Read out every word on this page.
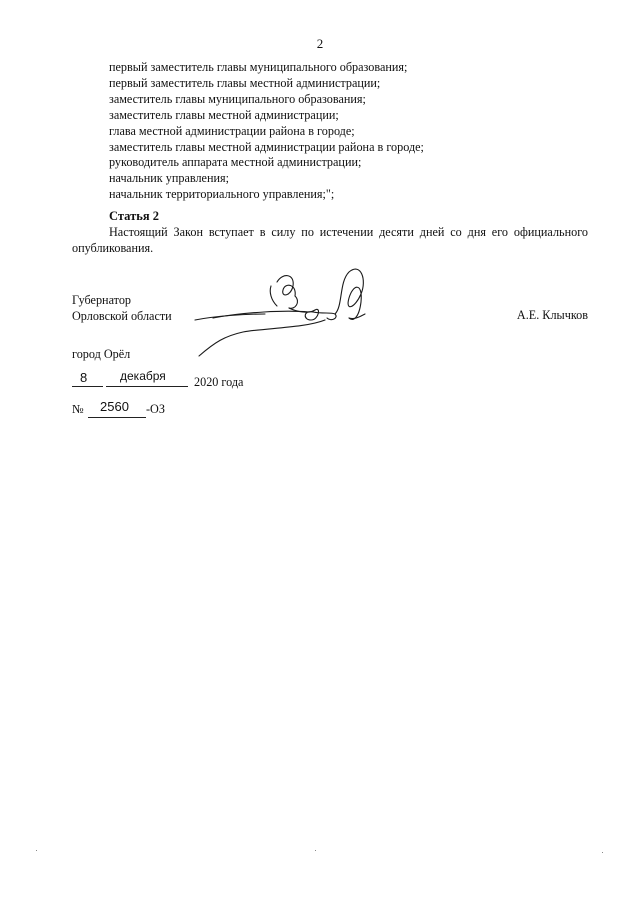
2
первый заместитель главы муниципального образования;
первый заместитель главы местной администрации;
заместитель главы муниципального образования;
заместитель главы местной администрации;
глава местной администрации района в городе;
заместитель главы местной администрации района в городе;
руководитель аппарата местной администрации;
начальник управления;
начальник территориального управления;";
Статья 2
Настоящий Закон вступает в силу по истечении десяти дней со дня его официального опубликования.
Губернатор
Орловской области	А.Е. Клычков
город Орёл
8	декабря 2020 года
№ 2560 -ОЗ
